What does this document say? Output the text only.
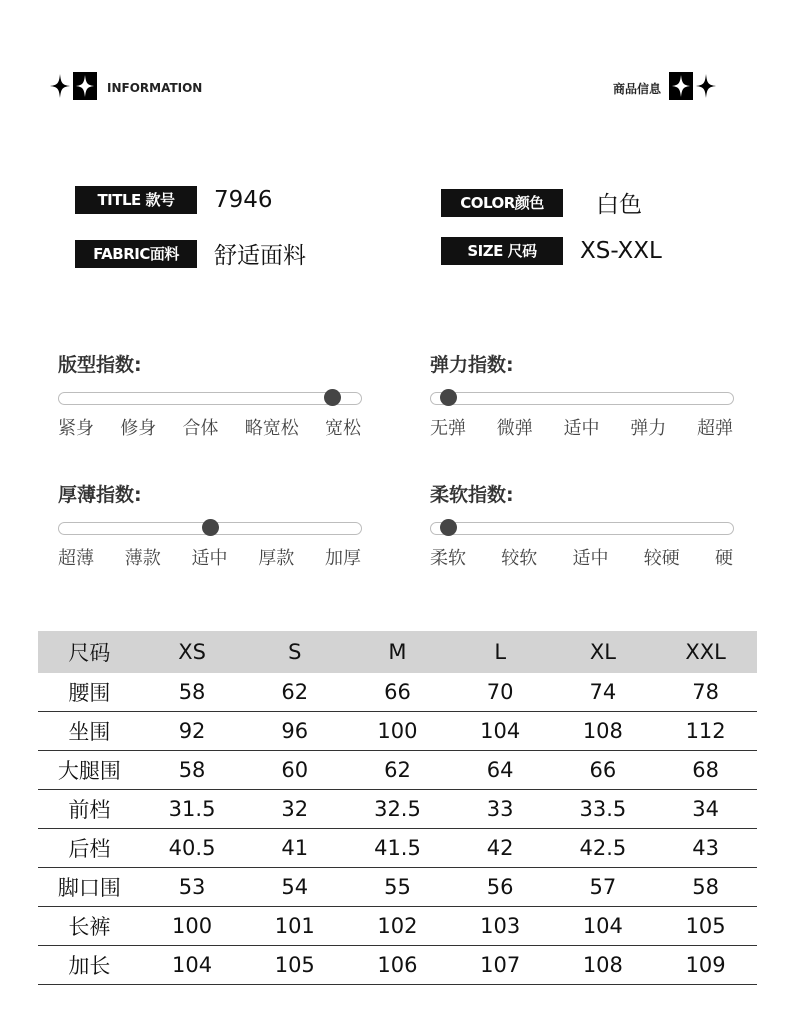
INFORMATION	商品信息
TITLE 款号	7946
FABRIC面料	舒适面料
COLOR颜色	白色
SIZE 尺码	XS-XXL
版型指数:
紧身 修身 合体 略宽松 宽松
弹力指数:
无弹 微弹 适中 弹力 超弹
厚薄指数:
超薄 薄款 适中 厚款 加厚
柔软指数:
柔软 较软 适中 较硬 硬
尺码	XS	S	M	L	XL	XXL
腰围	58	62	66	70	74	78
坐围	92	96	100	104	108	112
大腿围	58	60	62	64	66	68
前档	31.5	32	32.5	33	33.5	34
后档	40.5	41	41.5	42	42.5	43
脚口围	53	54	55	56	57	58
长裤	100	101	102	103	104	105
加长	104	105	106	107	108	109
